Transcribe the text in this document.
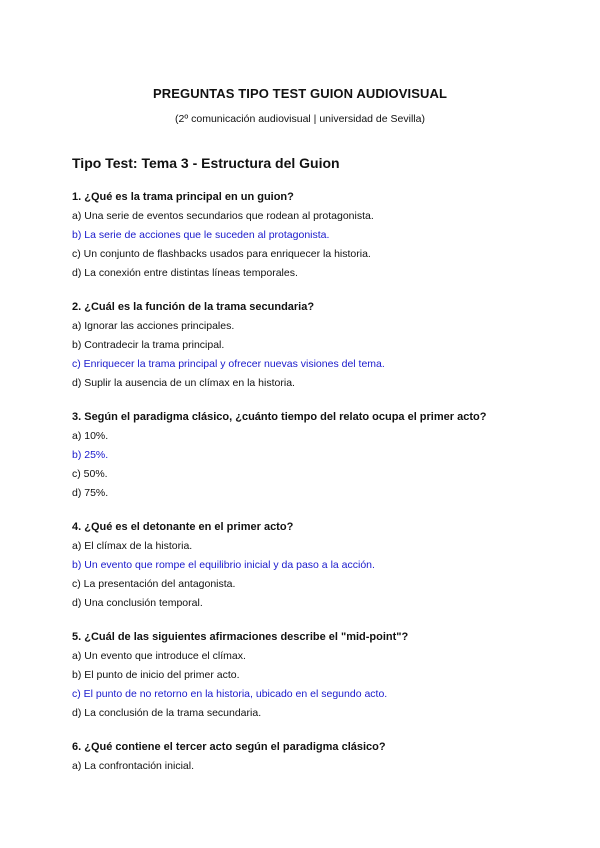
PREGUNTAS TIPO TEST GUION AUDIOVISUAL
(2º comunicación audiovisual | universidad de Sevilla)
Tipo Test: Tema 3 - Estructura del Guion
1. ¿Qué es la trama principal en un guion?
a) Una serie de eventos secundarios que rodean al protagonista.
b) La serie de acciones que le suceden al protagonista.
c) Un conjunto de flashbacks usados para enriquecer la historia.
d) La conexión entre distintas líneas temporales.
2. ¿Cuál es la función de la trama secundaria?
a) Ignorar las acciones principales.
b) Contradecir la trama principal.
c) Enriquecer la trama principal y ofrecer nuevas visiones del tema.
d) Suplir la ausencia de un clímax en la historia.
3. Según el paradigma clásico, ¿cuánto tiempo del relato ocupa el primer acto?
a) 10%.
b) 25%.
c) 50%.
d) 75%.
4. ¿Qué es el detonante en el primer acto?
a) El clímax de la historia.
b) Un evento que rompe el equilibrio inicial y da paso a la acción.
c) La presentación del antagonista.
d) Una conclusión temporal.
5. ¿Cuál de las siguientes afirmaciones describe el "mid-point"?
a) Un evento que introduce el clímax.
b) El punto de inicio del primer acto.
c) El punto de no retorno en la historia, ubicado en el segundo acto.
d) La conclusión de la trama secundaria.
6. ¿Qué contiene el tercer acto según el paradigma clásico?
a) La confrontación inicial.
